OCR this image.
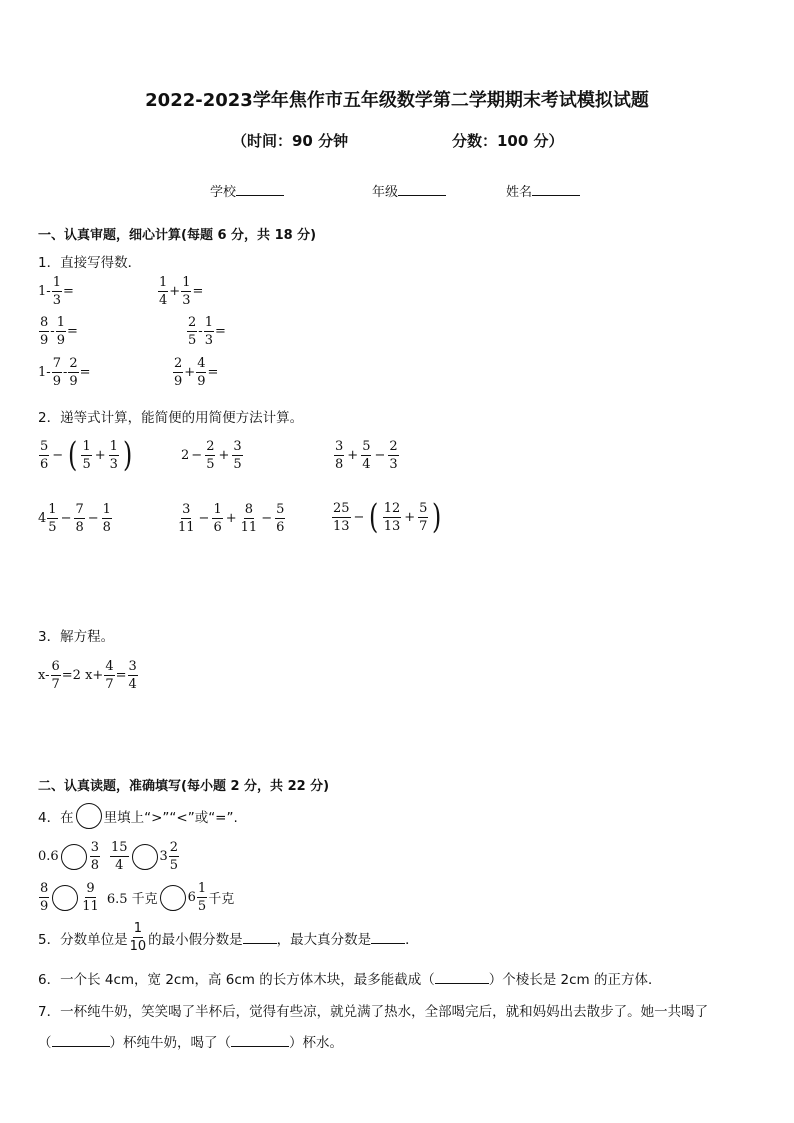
2022-2023学年焦作市五年级数学第二学期期末考试模拟试题
（时间：90 分钟	分数：100 分）
学校	年级	姓名
一、认真审题，细心计算(每题 6 分，共 18 分)
1．直接写得数．
$1 - \frac{1}{3}$ =	$\frac{1}{4} + \frac{1}{3}$ =
$\frac{8}{9} - \frac{1}{9}$ =	$\frac{2}{5} - \frac{1}{3}$ =
$1 - \frac{7}{9} - \frac{2}{9}$ =	$\frac{2}{9} + \frac{4}{9}$ =
2．递等式计算，能简便的用简便方法计算。
$\frac{5}{6}$ − ( $\frac{1}{5} + \frac{1}{3}$ )	$2 - \frac{2}{5} + \frac{3}{5}$	$\frac{3}{8} + \frac{5}{4} - \frac{2}{3}$
$4 \frac{1}{5} - \frac{7}{8} - \frac{1}{8}$	$\frac{3}{11} - \frac{1}{6} + \frac{8}{11} - \frac{5}{6}$	$\frac{25}{13}$ − ( $\frac{12}{13} + \frac{5}{7}$ )
3．解方程。
$x- \frac{6}{7} =2$ $x+ \frac{4}{7} = \frac{3}{4}$
二、认真读题，准确填写(每小题 2 分，共 22 分)
4．在 里填上“>”“<”或“=”.
$0.6 \frac{3}{8} \frac{15}{4} 3 \frac{2}{5}$
$\frac{8}{9} \frac{9}{11} 6.5$ 千克 $6 \frac{1}{5}$ 千克
5．分数单位是 $\frac{1}{10}$ 的最小假分数是	，最大真分数是	．
6．一个长 4cm，宽 2cm，高 6cm 的长方体木块，最多能截成（	）个棱长是 2cm 的正方体．
7．一杯纯牛奶，笑笑喝了半杯后，觉得有些凉，就兑满了热水，全部喝完后，就和妈妈出去散步了。她一共喝了
（	）杯纯牛奶，喝了（	）杯水。
